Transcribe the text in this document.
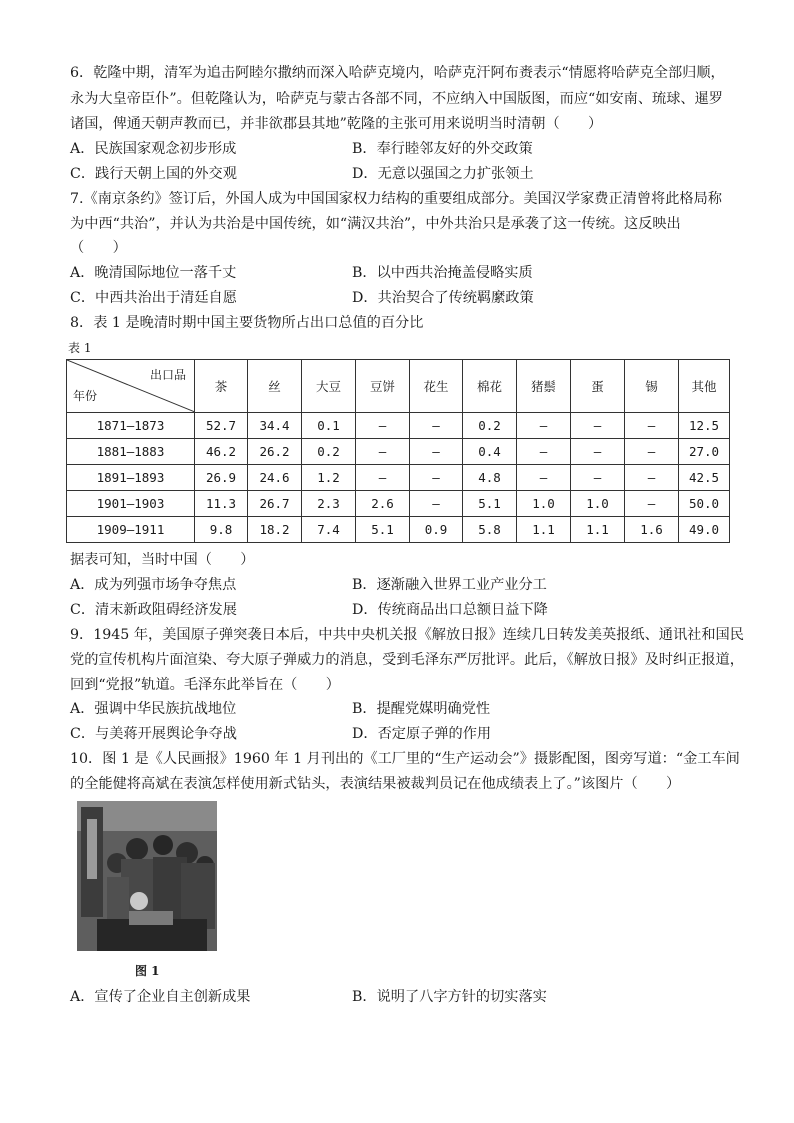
6．乾隆中期，清军为追击阿睦尔撒纳而深入哈萨克境内，哈萨克汗阿布赉表示“情愿将哈萨克全部归顺，
永为大皇帝臣仆”。但乾隆认为，哈萨克与蒙古各部不同，不应纳入中国版图，而应“如安南、琉球、暹罗
诸国，俾通天朝声教而已，并非欲郡县其地”乾隆的主张可用来说明当时清朝（　　）
A．民族国家观念初步形成	B．奉行睦邻友好的外交政策
C．践行天朝上国的外交观	D．无意以强国之力扩张领土
7.《南京条约》签订后，外国人成为中国国家权力结构的重要组成部分。美国汉学家费正清曾将此格局称
为中西“共治”，并认为共治是中国传统，如“满汉共治”，中外共治只是承袭了这一传统。这反映出
（　　）
A．晚清国际地位一落千丈	B．以中西共治掩盖侵略实质
C．中西共治出于清廷自愿	D．共治契合了传统羁縻政策
8．表 1 是晚清时期中国主要货物所占出口总值的百分比
表 1
出口品
年份	茶	丝	大豆	豆饼	花生	棉花	猪鬃	蛋	锡	其他
1871—1873	52.7	34.4	0.1	—	—	0.2	—	—	—	12.5
1881—1883	46.2	26.2	0.2	—	—	0.4	—	—	—	27.0
1891—1893	26.9	24.6	1.2	—	—	4.8	—	—	—	42.5
1901—1903	11.3	26.7	2.3	2.6	—	5.1	1.0	1.0	—	50.0
1909—1911	9.8	18.2	7.4	5.1	0.9	5.8	1.1	1.1	1.6	49.0
据表可知，当时中国（　　）
A．成为列强市场争夺焦点	B．逐渐融入世界工业产业分工
C．清末新政阻碍经济发展	D．传统商品出口总额日益下降
9．1945 年，美国原子弹突袭日本后，中共中央机关报《解放日报》连续几日转发美英报纸、通讯社和国民
党的宣传机构片面渲染、夸大原子弹威力的消息，受到毛泽东严厉批评。此后，《解放日报》及时纠正报道，
回到“党报”轨道。毛泽东此举旨在（　　）
A．强调中华民族抗战地位	B．提醒党媒明确党性
C．与美蒋开展舆论争夺战	D．否定原子弹的作用
10．图 1 是《人民画报》1960 年 1 月刊出的《工厂里的“生产运动会”》摄影配图，图旁写道：“金工车间
的全能健将高斌在表演怎样使用新式钻头，表演结果被裁判员记在他成绩表上了。”该图片（　　）
图 1
A．宣传了企业自主创新成果	B．说明了八字方针的切实落实
